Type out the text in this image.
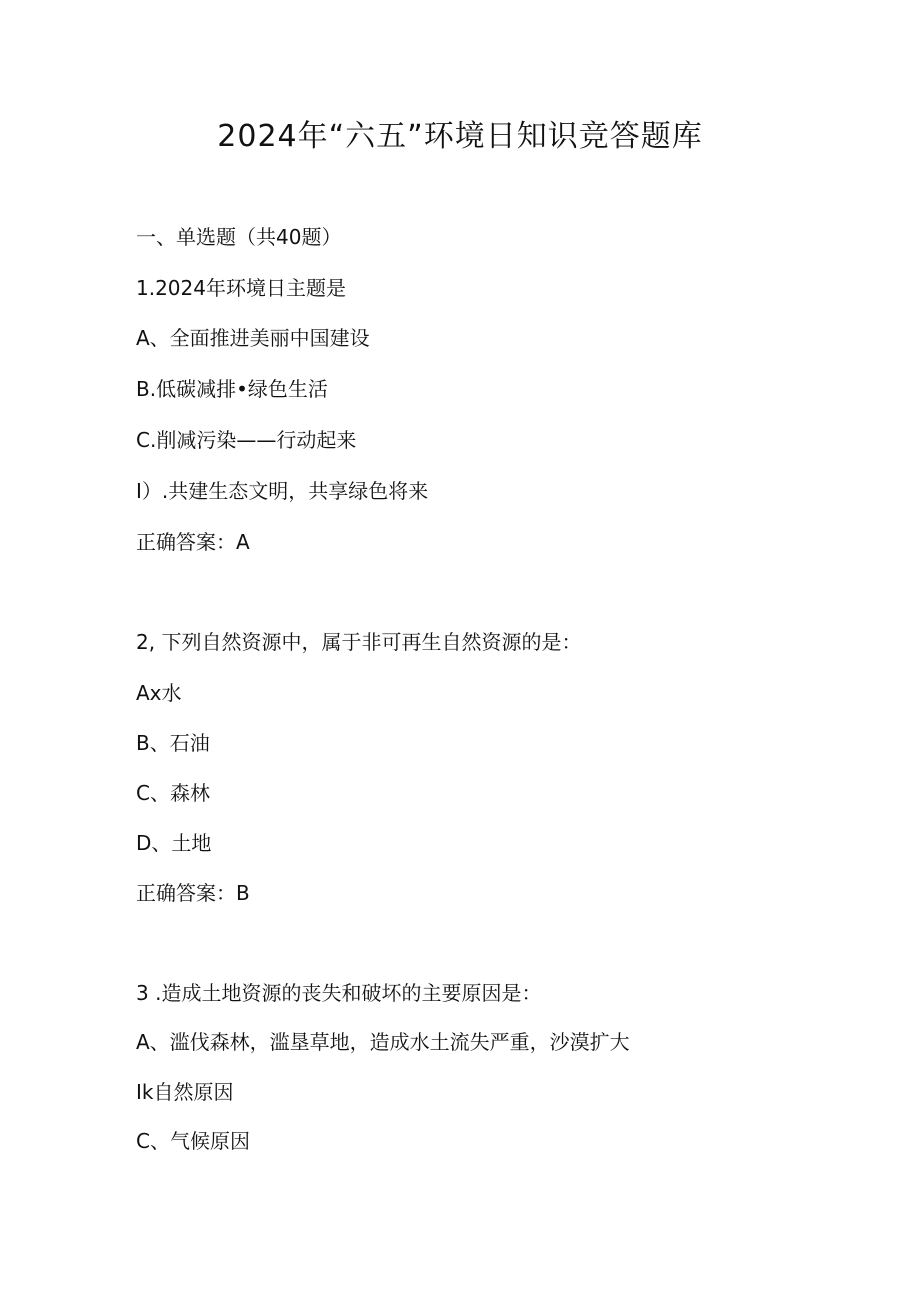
2024年“六五”环境日知识竞答题库

一、单选题（共40题）

1.2024年环境日主题是

A、全面推进美丽中国建设

B.低碳减排•绿色生活

C.削减污染——行动起来

I）.共建生态文明，共享绿色将来

正确答案：A

2, 下列自然资源中，属于非可再生自然资源的是：

Ax水

B、石油

C、森林

D、土地

正确答案：B

3 .造成土地资源的丧失和破坏的主要原因是：

A、滥伐森林，滥垦草地，造成水土流失严重，沙漠扩大

Ik自然原因

C、气候原因
